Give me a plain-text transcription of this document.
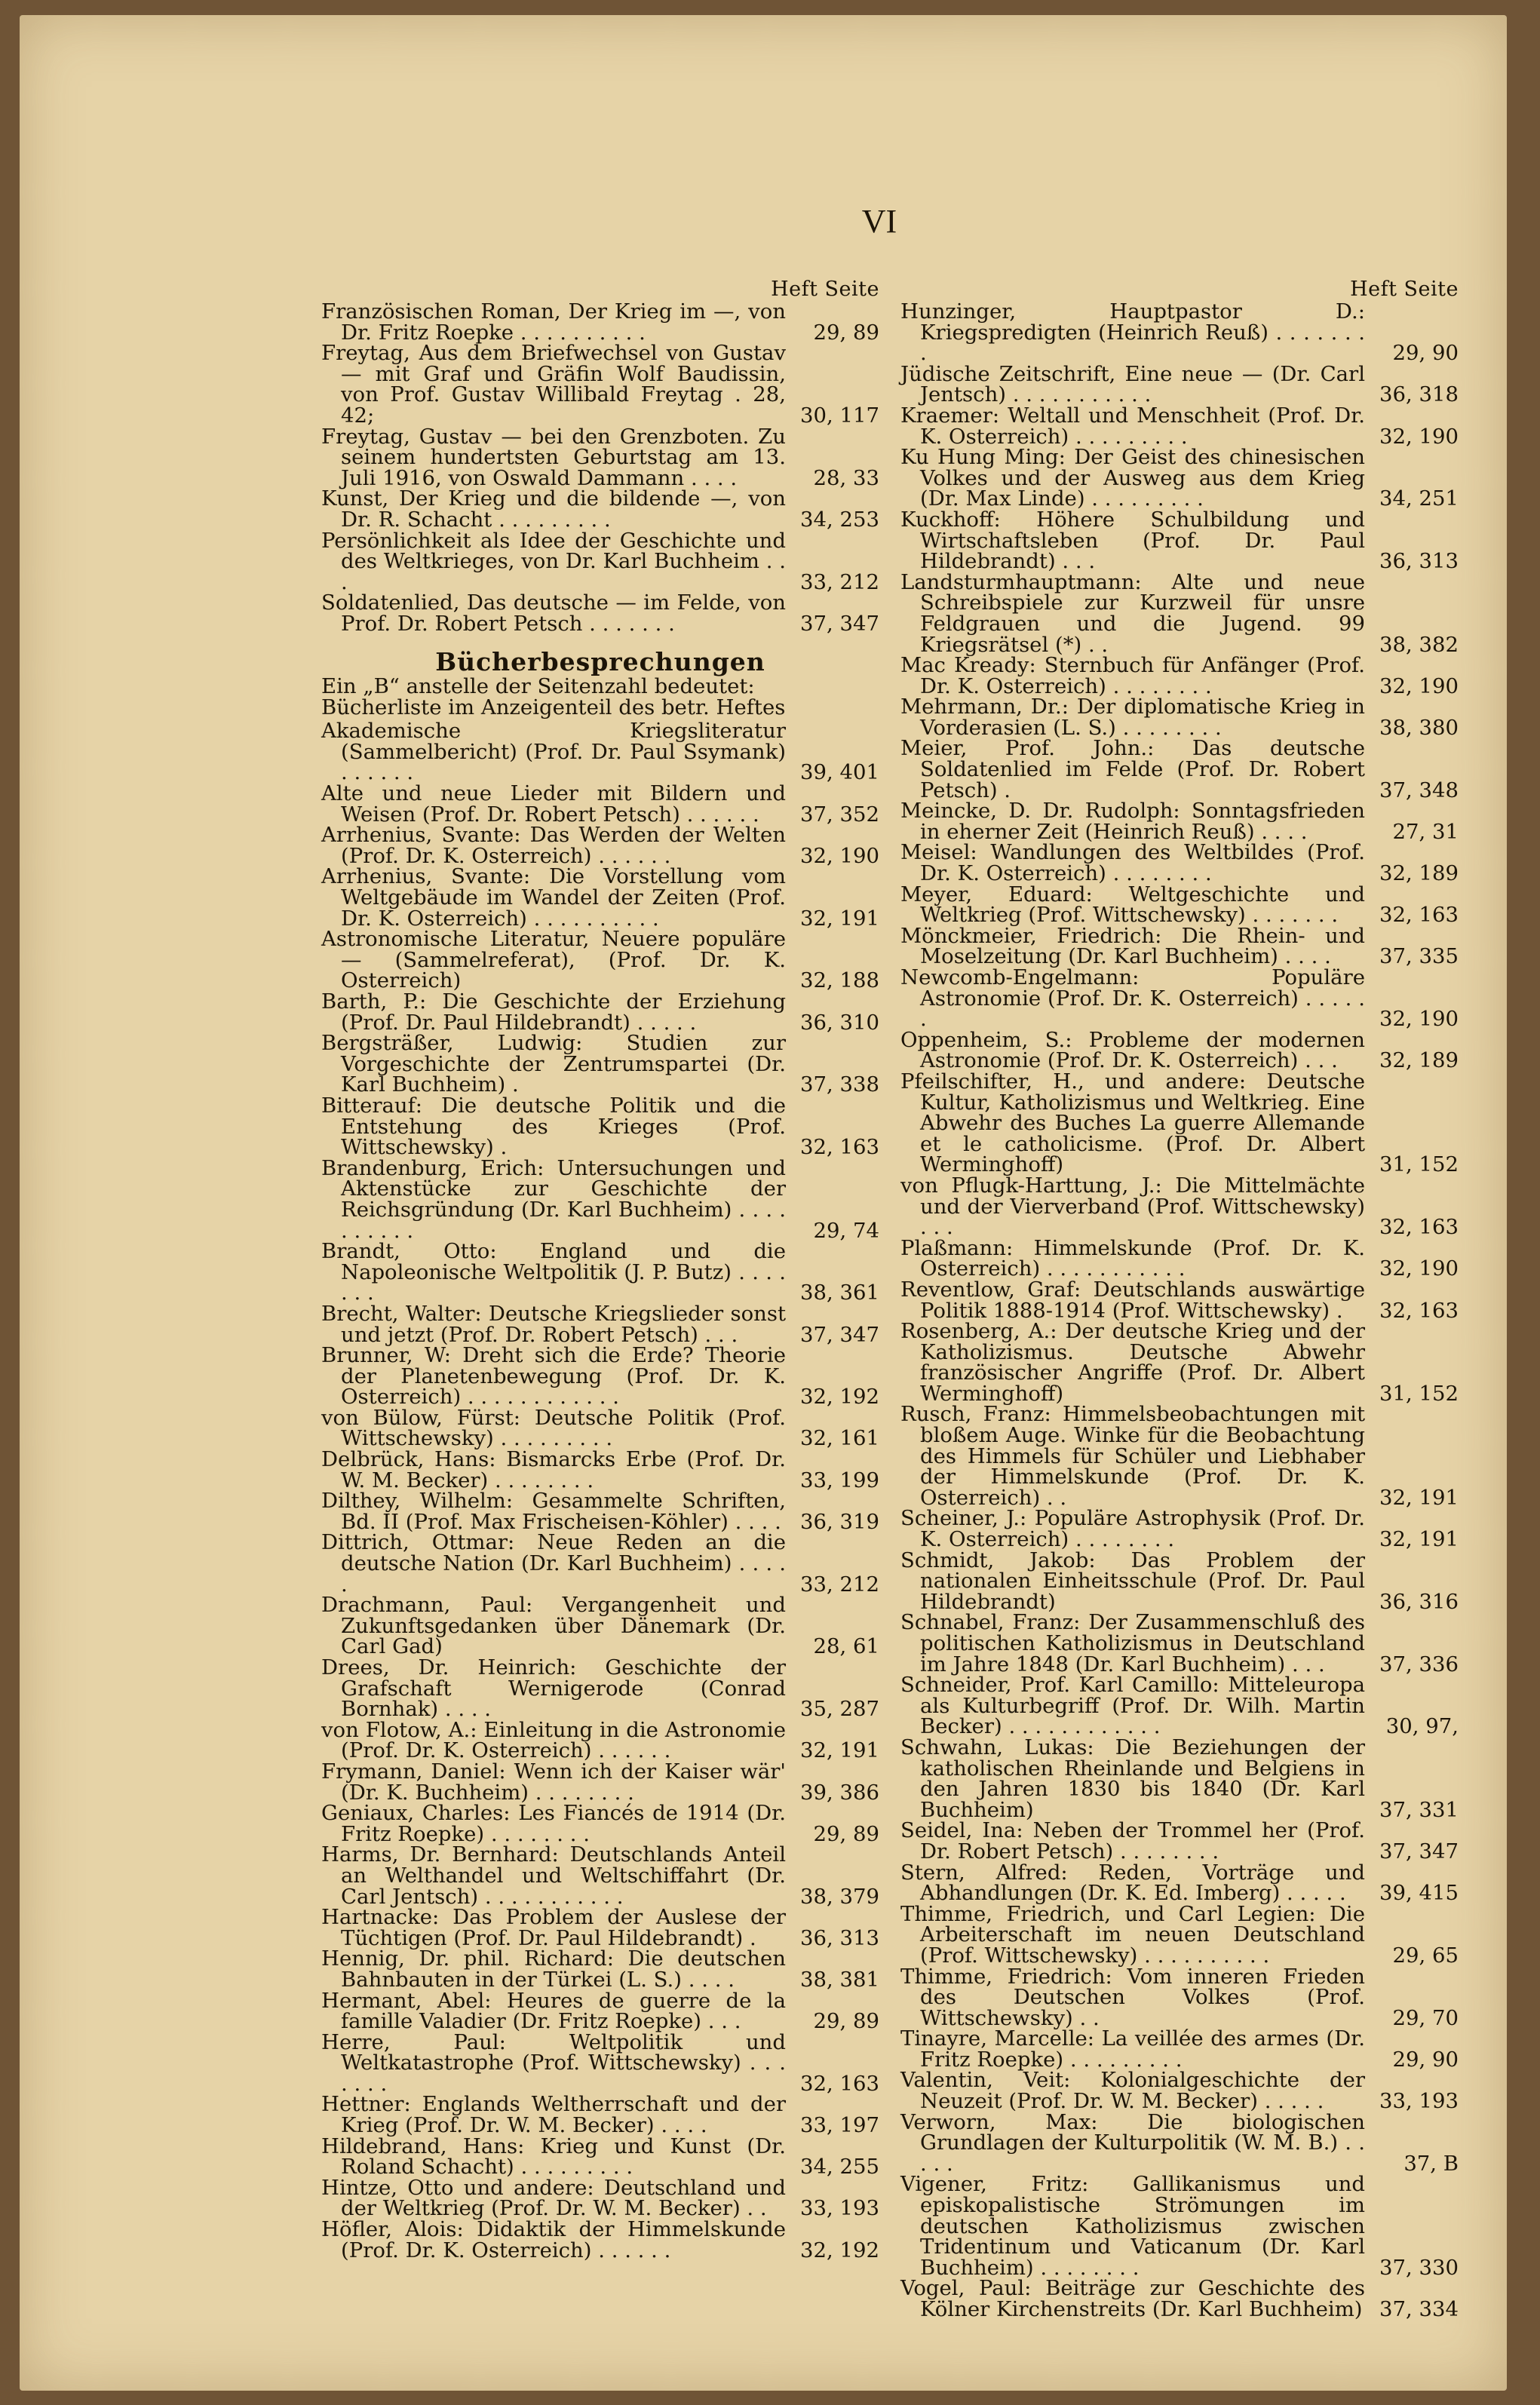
VI
Heft Seite
Französischen Roman, Der Krieg im —, von Dr. Fritz Roepke . . . . . . . . . .	29, 89
Freytag, Aus dem Briefwechsel von Gustav — mit Graf und Gräfin Wolf Baudissin, von Prof. Gustav Willibald Freytag . 28, 42;	30, 117
Freytag, Gustav — bei den Grenzboten. Zu seinem hundertsten Geburtstag am 13. Juli 1916, von Oswald Dammann . . . .	28, 33
Kunst, Der Krieg und die bildende —, von Dr. R. Schacht . . . . . . . . .	34, 253
Persönlichkeit als Idee der Geschichte und des Weltkrieges, von Dr. Karl Buchheim . . .	33, 212
Soldatenlied, Das deutsche — im Felde, von Prof. Dr. Robert Petsch . . . . . . .	37, 347
Bücherbesprechungen
Ein „B“ anstelle der Seitenzahl bedeutet: Bücherliste im Anzeigenteil des betr. Heftes
Akademische Kriegsliteratur (Sammelbericht) (Prof. Dr. Paul Ssymank) . . . . . .	39, 401
Alte und neue Lieder mit Bildern und Weisen (Prof. Dr. Robert Petsch) . . . . . .	37, 352
Arrhenius, Svante: Das Werden der Welten (Prof. Dr. K. Osterreich) . . . . . .	32, 190
Arrhenius, Svante: Die Vorstellung vom Weltgebäude im Wandel der Zeiten (Prof. Dr. K. Osterreich) . . . . . . . . . .	32, 191
Astronomische Literatur, Neuere populäre — (Sammelreferat), (Prof. Dr. K. Osterreich)	32, 188
Barth, P.: Die Geschichte der Erziehung (Prof. Dr. Paul Hildebrandt) . . . . .	36, 310
Bergsträßer, Ludwig: Studien zur Vorgeschichte der Zentrumspartei (Dr. Karl Buchheim) .	37, 338
Bitterauf: Die deutsche Politik und die Entstehung des Krieges (Prof. Wittschewsky) .	32, 163
Brandenburg, Erich: Untersuchungen und Aktenstücke zur Geschichte der Reichsgründung (Dr. Karl Buchheim) . . . . . . . . . .	29, 74
Brandt, Otto: England und die Napoleonische Weltpolitik (J. P. Butz) . . . . . . .	38, 361
Brecht, Walter: Deutsche Kriegslieder sonst und jetzt (Prof. Dr. Robert Petsch) . . .	37, 347
Brunner, W: Dreht sich die Erde? Theorie der Planetenbewegung (Prof. Dr. K. Osterreich) . . . . . . . . . . . .	32, 192
von Bülow, Fürst: Deutsche Politik (Prof. Wittschewsky) . . . . . . . . .	32, 161
Delbrück, Hans: Bismarcks Erbe (Prof. Dr. W. M. Becker) . . . . . . . .	33, 199
Dilthey, Wilhelm: Gesammelte Schriften, Bd. II (Prof. Max Frischeisen-Köhler) . . . . 36, 319
Dittrich, Ottmar: Neue Reden an die deutsche Nation (Dr. Karl Buchheim) . . . . .	33, 212
Drachmann, Paul: Vergangenheit und Zukunftsgedanken über Dänemark (Dr. Carl Gad)	28, 61
Drees, Dr. Heinrich: Geschichte der Grafschaft Wernigerode (Conrad Bornhak) . . . .	35, 287
von Flotow, A.: Einleitung in die Astronomie (Prof. Dr. K. Osterreich) . . . . . .	32, 191
Frymann, Daniel: Wenn ich der Kaiser wär' (Dr. K. Buchheim) . . . . . . . .	39, 386
Geniaux, Charles: Les Fiancés de 1914 (Dr. Fritz Roepke) . . . . . . . .	29, 89
Harms, Dr. Bernhard: Deutschlands Anteil an Welthandel und Weltschiffahrt (Dr. Carl Jentsch) . . . . . . . . . . .	38, 379
Hartnacke: Das Problem der Auslese der Tüchtigen (Prof. Dr. Paul Hildebrandt) .	36, 313
Hennig, Dr. phil. Richard: Die deutschen Bahnbauten in der Türkei (L. S.) . . . .	38, 381
Hermant, Abel: Heures de guerre de la famille Valadier (Dr. Fritz Roepke) . . .	29, 89
Herre, Paul: Weltpolitik und Weltkatastrophe (Prof. Wittschewsky) . . . . . . .	32, 163
Hettner: Englands Weltherrschaft und der Krieg (Prof. Dr. W. M. Becker) . . . .	33, 197
Hildebrand, Hans: Krieg und Kunst (Dr. Roland Schacht) . . . . . . . . .	34, 255
Hintze, Otto und andere: Deutschland und der Weltkrieg (Prof. Dr. W. M. Becker) . .	33, 193
Höfler, Alois: Didaktik der Himmelskunde (Prof. Dr. K. Osterreich) . . . . . .	32, 192
Heft Seite
Hunzinger, Hauptpastor D.: Kriegspredigten (Heinrich Reuß) . . . . . . . .	29, 90
Jüdische Zeitschrift, Eine neue — (Dr. Carl Jentsch) . . . . . . . . . . .	36, 318
Kraemer: Weltall und Menschheit (Prof. Dr. K. Osterreich) . . . . . . . . .	32, 190
Ku Hung Ming: Der Geist des chinesischen Volkes und der Ausweg aus dem Krieg (Dr. Max Linde) . . . . . . . . .	34, 251
Kuckhoff: Höhere Schulbildung und Wirtschaftsleben (Prof. Dr. Paul Hildebrandt) . . .	36, 313
Landsturmhauptmann: Alte und neue Schreibspiele zur Kurzweil für unsre Feldgrauen und die Jugend. 99 Kriegsrätsel (*) . .	38, 382
Mac Kready: Sternbuch für Anfänger (Prof. Dr. K. Osterreich) . . . . . . . .	32, 190
Mehrmann, Dr.: Der diplomatische Krieg in Vorderasien (L. S.) . . . . . . . .	38, 380
Meier, Prof. John.: Das deutsche Soldatenlied im Felde (Prof. Dr. Robert Petsch) .	37, 348
Meincke, D. Dr. Rudolph: Sonntagsfrieden in eherner Zeit (Heinrich Reuß) . . . .	27, 31
Meisel: Wandlungen des Weltbildes (Prof. Dr. K. Osterreich) . . . . . . . .	32, 189
Meyer, Eduard: Weltgeschichte und Weltkrieg (Prof. Wittschewsky) . . . . . . .	32, 163
Mönckmeier, Friedrich: Die Rhein- und Moselzeitung (Dr. Karl Buchheim) . . . .	37, 335
Newcomb-Engelmann: Populäre Astronomie (Prof. Dr. K. Osterreich) . . . . . .	32, 190
Oppenheim, S.: Probleme der modernen Astronomie (Prof. Dr. K. Osterreich) . . .	32, 189
Pfeilschifter, H., und andere: Deutsche Kultur, Katholizismus und Weltkrieg. Eine Abwehr des Buches La guerre Allemande et le catholicisme. (Prof. Dr. Albert Werminghoff)	31, 152
von Pflugk-Harttung, J.: Die Mittelmächte und der Vierverband (Prof. Wittschewsky) . . .	32, 163
Plaßmann: Himmelskunde (Prof. Dr. K. Osterreich) . . . . . . . . . . .	32, 190
Reventlow, Graf: Deutschlands auswärtige Politik 1888-1914 (Prof. Wittschewsky) .	32, 163
Rosenberg, A.: Der deutsche Krieg und der Katholizismus. Deutsche Abwehr französischer Angriffe (Prof. Dr. Albert Werminghoff)	31, 152
Rusch, Franz: Himmelsbeobachtungen mit bloßem Auge. Winke für die Beobachtung des Himmels für Schüler und Liebhaber der Himmelskunde (Prof. Dr. K. Osterreich) . .	32, 191
Scheiner, J.: Populäre Astrophysik (Prof. Dr. K. Osterreich) . . . . . . . .	32, 191
Schmidt, Jakob: Das Problem der nationalen Einheitsschule (Prof. Dr. Paul Hildebrandt)	36, 316
Schnabel, Franz: Der Zusammenschluß des politischen Katholizismus in Deutschland im Jahre 1848 (Dr. Karl Buchheim) . . .	37, 336
Schneider, Prof. Karl Camillo: Mitteleuropa als Kulturbegriff (Prof. Dr. Wilh. Martin Becker) . . . . . . . . . . . .	30, 97,
Schwahn, Lukas: Die Beziehungen der katholischen Rheinlande und Belgiens in den Jahren 1830 bis 1840 (Dr. Karl Buchheim)	37, 331
Seidel, Ina: Neben der Trommel her (Prof. Dr. Robert Petsch) . . . . . . . .	37, 347
Stern, Alfred: Reden, Vorträge und Abhandlungen (Dr. K. Ed. Imberg) . . . . .	39, 415
Thimme, Friedrich, und Carl Legien: Die Arbeiterschaft im neuen Deutschland (Prof. Wittschewsky) . . . . . . . . . .	29, 65
Thimme, Friedrich: Vom inneren Frieden des Deutschen Volkes (Prof. Wittschewsky) . .	29, 70
Tinayre, Marcelle: La veillée des armes (Dr. Fritz Roepke) . . . . . . . . .	29, 90
Valentin, Veit: Kolonialgeschichte der Neuzeit (Prof. Dr. W. M. Becker) . . . . .	33, 193
Verworn, Max: Die biologischen Grundlagen der Kulturpolitik (W. M. B.) . . . . .	37, B
Vigener, Fritz: Gallikanismus und episkopalistische Strömungen im deutschen Katholizismus zwischen Tridentinum und Vaticanum (Dr. Karl Buchheim) . . . . . . . .	37, 330
Vogel, Paul: Beiträge zur Geschichte des Kölner Kirchenstreits (Dr. Karl Buchheim) 37, 334
